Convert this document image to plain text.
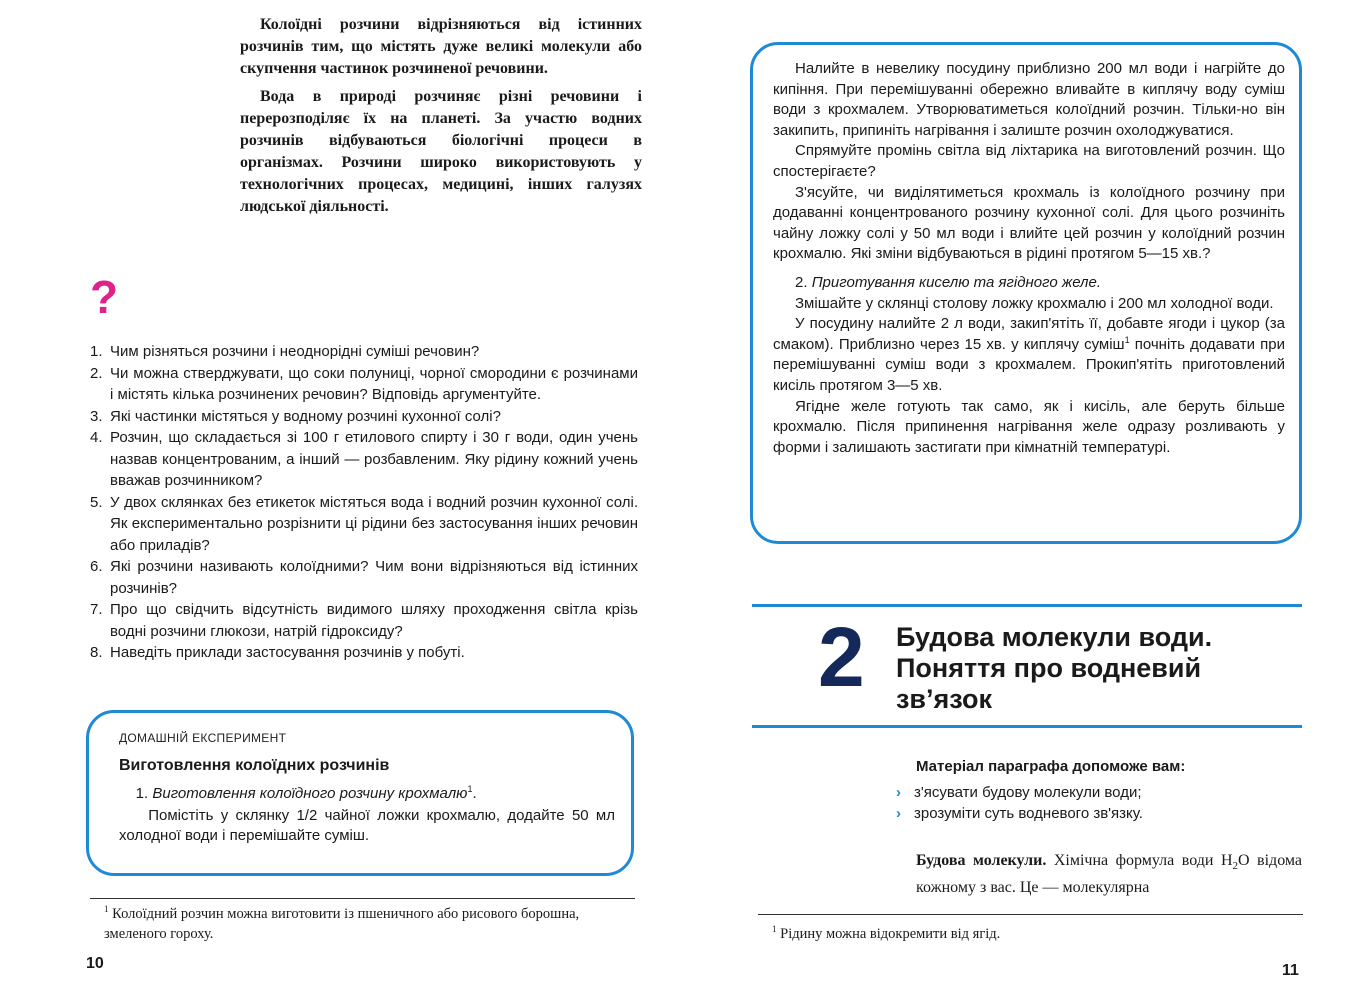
Колоїдні розчини відрізняються від істинних розчинів тим, що містять дуже великі молекули або скупчення частинок розчиненої речовини.

Вода в природі розчиняє різні речовини і перерозподіляє їх на планеті. За участю водних розчинів відбуваються біологічні процеси в організмах. Розчини широко використовують у технологічних процесах, медицині, інших галузях людської діяльності.

?
1. Чим різняться розчини і неоднорідні суміші речовин?
2. Чи можна стверджувати, що соки полуниці, чорної смородини є розчинами і містять кілька розчинених речовин? Відповідь аргументуйте.
3. Які частинки містяться у водному розчині кухонної солі?
4. Розчин, що складається зі 100 г етилового спирту і 30 г води, один учень назвав концентрованим, а інший — розбавленим. Яку рідину кожний учень вважав розчинником?
5. У двох склянках без етикеток містяться вода і водний розчин кухонної солі. Як експериментально розрізнити ці рідини без застосування інших речовин або приладів?
6. Які розчини називають колоїдними? Чим вони відрізняються від істинних розчинів?
7. Про що свідчить відсутність видимого шляху проходження світла крізь водні розчини глюкози, натрій гідроксиду?
8. Наведіть приклади застосування розчинів у побуті.
ДОМАШНІЙ ЕКСПЕРИМЕНТ
Виготовлення колоїдних розчинів
1. Виготовлення колоїдного розчину крохмалю$^1$.
Помістіть у склянку 1/2 чайної ложки крохмалю, додайте 50 мл холодної води і перемішайте суміш.
$^1$ Колоїдний розчин можна виготовити із пшеничного або рисового борошна, змеленого гороху.
10

Налийте в невелику посудину приблизно 200 мл води і нагрійте до кипіння. При перемішуванні обережно вливайте в киплячу воду суміш води з крохмалем. Утворюватиметься колоїдний розчин. Тільки-но він закипить, припиніть нагрівання і залиште розчин охолоджуватися.

Спрямуйте промінь світла від ліхтарика на виготовлений розчин. Що спостерігаєте?

З'ясуйте, чи виділятиметься крохмаль із колоїдного розчину при додаванні концентрованого розчину кухонної солі. Для цього розчиніть чайну ложку солі у 50 мл води і влийте цей розчин у колоїдний розчин крохмалю. Які зміни відбуваються в рідині протягом 5—15 хв.?

2. Приготування киселю та ягідного желе.

Змішайте у склянці столову ложку крохмалю і 200 мл холодної води.

У посудину налийте 2 л води, закип'ятіть її, добавте ягоди і цукор (за смаком). Приблизно через 15 хв. у киплячу суміш$^1$ почніть додавати при перемішуванні суміш води з крохмалем. Прокип'ятіть приготовлений кисіль протягом 3—5 хв.

Ягідне желе готують так само, як і кисіль, але беруть більше крохмалю. Після припинення нагрівання желе одразу розливають у форми і залишають застигати при кімнатній температурі.

2 Будова молекули води.
Поняття про водневий
зв’язок
Матеріал параграфа допоможе вам:
› з'ясувати будову молекули води;
› зрозуміти суть водневого зв'язку.

Будова молекули. Хімічна формула води $H_2O$ відома кожному з вас. Це — молекулярна

$^1$ Рідину можна відокремити від ягід.
11
